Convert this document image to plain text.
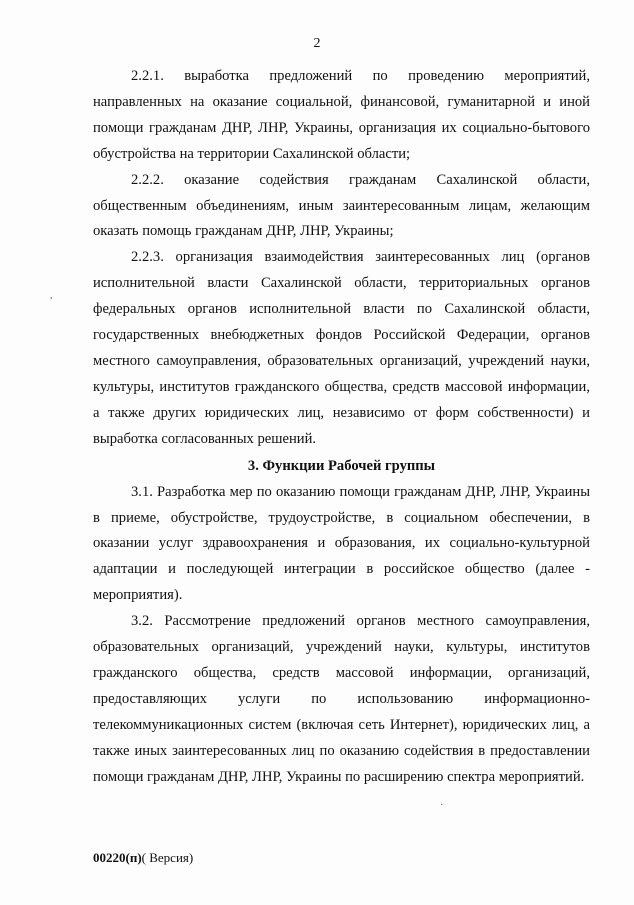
2

2.2.1. выработка предложений по проведению мероприятий, направленных на оказание социальной, финансовой, гуманитарной и иной помощи гражданам ДНР, ЛНР, Украины, организация их социально-бытового обустройства на территории Сахалинской области;

2.2.2. оказание содействия гражданам Сахалинской области, общественным объединениям, иным заинтересованным лицам, желающим оказать помощь гражданам ДНР, ЛНР, Украины;

2.2.3. организация взаимодействия заинтересованных лиц (органов исполнительной власти Сахалинской области, территориальных органов федеральных органов исполнительной власти по Сахалинской области, государственных внебюджетных фондов Российской Федерации, органов местного самоуправления, образовательных организаций, учреждений науки, культуры, институтов гражданского общества, средств массовой информации, а также других юридических лиц, независимо от форм собственности) и выработка согласованных решений.

3. Функции Рабочей группы

3.1. Разработка мер по оказанию помощи гражданам ДНР, ЛНР, Украины в приеме, обустройстве, трудоустройстве, в социальном обеспечении, в оказании услуг здравоохранения и образования, их социально-культурной адаптации и последующей интеграции в российское общество (далее - мероприятия).

3.2. Рассмотрение предложений органов местного самоуправления, образовательных организаций, учреждений науки, культуры, институтов гражданского общества, средств массовой информации, организаций, предоставляющих услуги по использованию информационно-телекоммуникационных систем (включая сеть Интернет), юридических лиц, а также иных заинтересованных лиц по оказанию содействия в предоставлении помощи гражданам ДНР, ЛНР, Украины по расширению спектра мероприятий.

00220(п)( Версия)
,
·
